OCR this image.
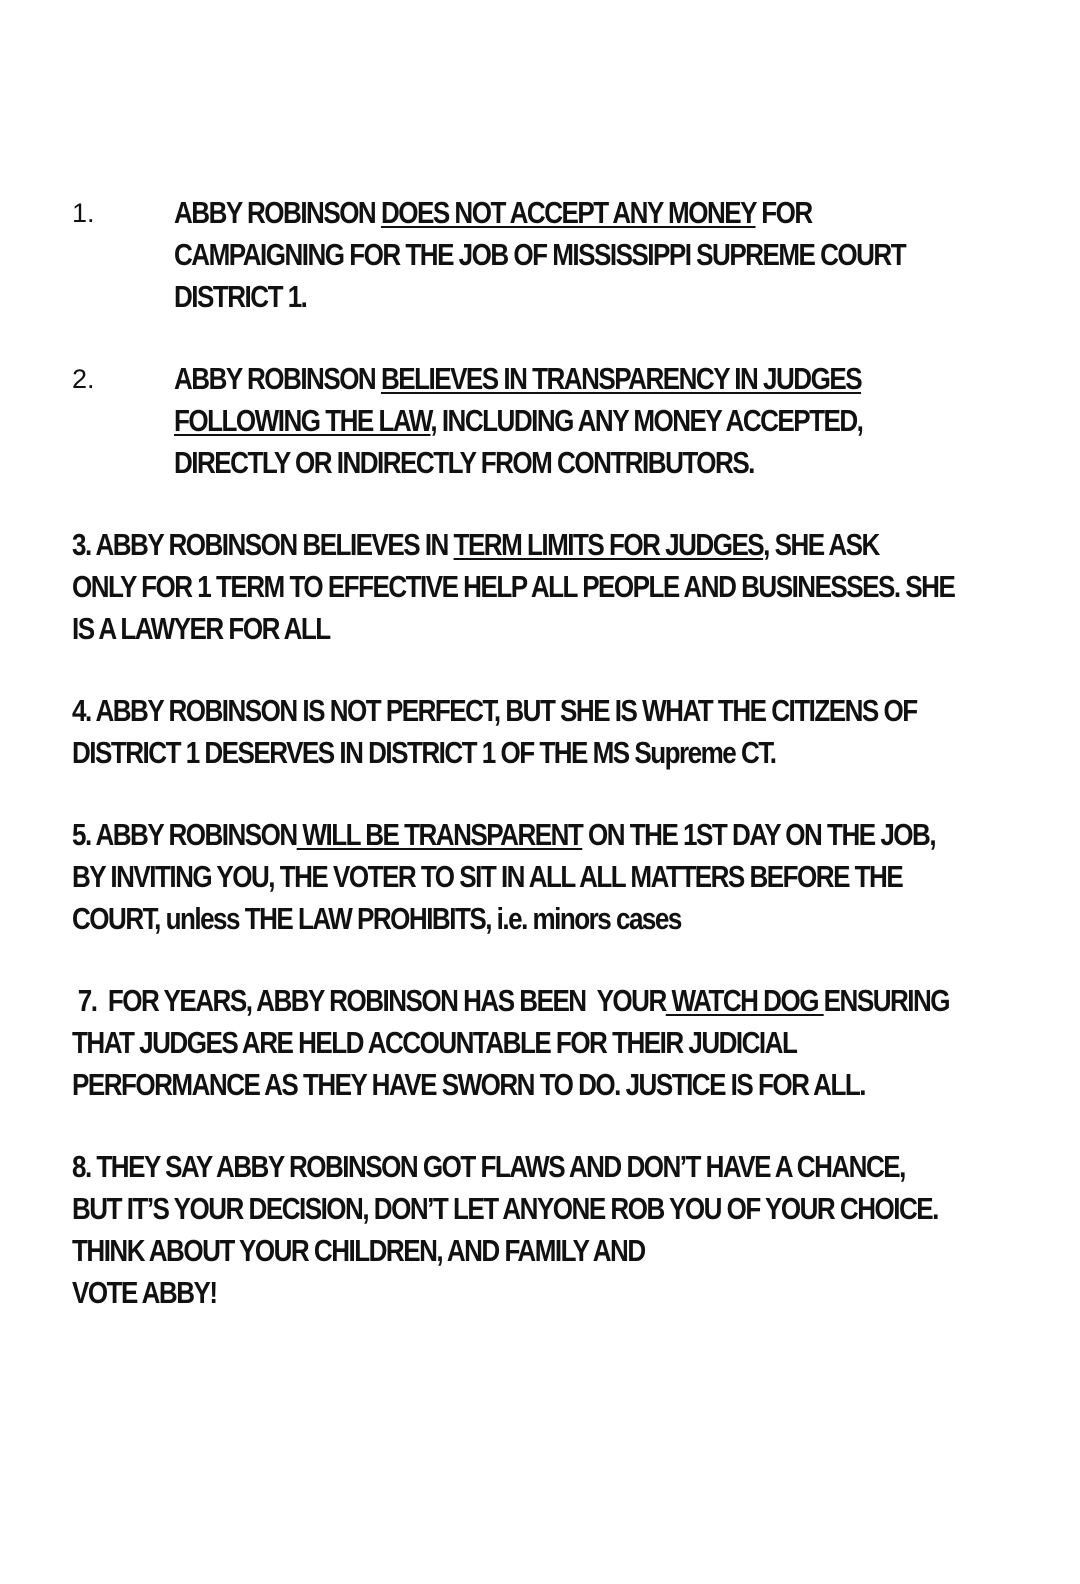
1.	ABBY ROBINSON DOES NOT ACCEPT ANY MONEY FOR
CAMPAIGNING FOR THE JOB OF MISSISSIPPI SUPREME COURT
DISTRICT 1.
2.	ABBY ROBINSON BELIEVES IN TRANSPARENCY IN JUDGES
FOLLOWING THE LAW, INCLUDING ANY MONEY ACCEPTED,
DIRECTLY OR INDIRECTLY FROM CONTRIBUTORS.
3. ABBY ROBINSON BELIEVES IN TERM LIMITS FOR JUDGES, SHE ASK
ONLY FOR 1 TERM TO EFFECTIVE HELP ALL PEOPLE AND BUSINESSES. SHE
IS A LAWYER FOR ALL
4. ABBY ROBINSON IS NOT PERFECT, BUT SHE IS WHAT THE CITIZENS OF
DISTRICT 1 DESERVES IN DISTRICT 1 OF THE MS Supreme CT.
5. ABBY ROBINSON WILL BE TRANSPARENT ON THE 1ST DAY ON THE JOB,
BY INVITING YOU, THE VOTER TO SIT IN ALL ALL MATTERS BEFORE THE
COURT, unless THE LAW PROHIBITS, i.e. minors cases
7.  FOR YEARS, ABBY ROBINSON HAS BEEN  YOUR WATCH DOG ENSURING
THAT JUDGES ARE HELD ACCOUNTABLE FOR THEIR JUDICIAL
PERFORMANCE AS THEY HAVE SWORN TO DO. JUSTICE IS FOR ALL.
8. THEY SAY ABBY ROBINSON GOT FLAWS AND DON’T HAVE A CHANCE,
BUT IT’S YOUR DECISION, DON’T LET ANYONE ROB YOU OF YOUR CHOICE.
THINK ABOUT YOUR CHILDREN, AND FAMILY AND
VOTE ABBY!
